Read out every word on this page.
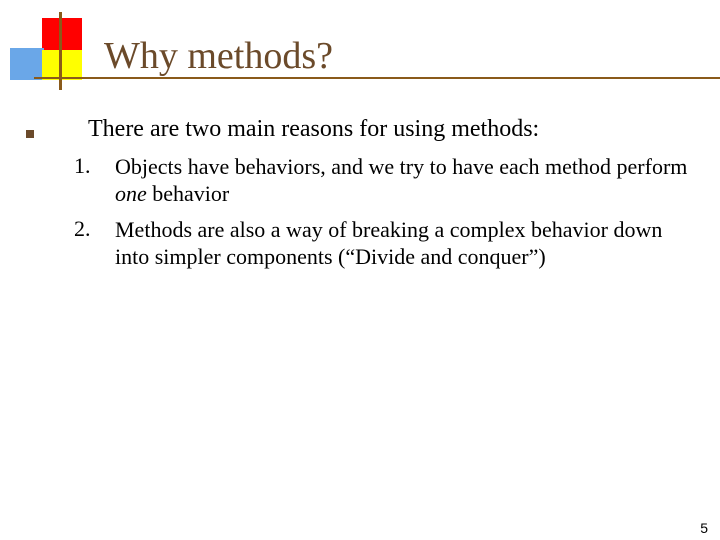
Why methods?
There are two main reasons for using methods:
1. Objects have behaviors, and we try to have each method perform one behavior
2. Methods are also a way of breaking a complex behavior down into simpler components (“Divide and conquer”)
5
